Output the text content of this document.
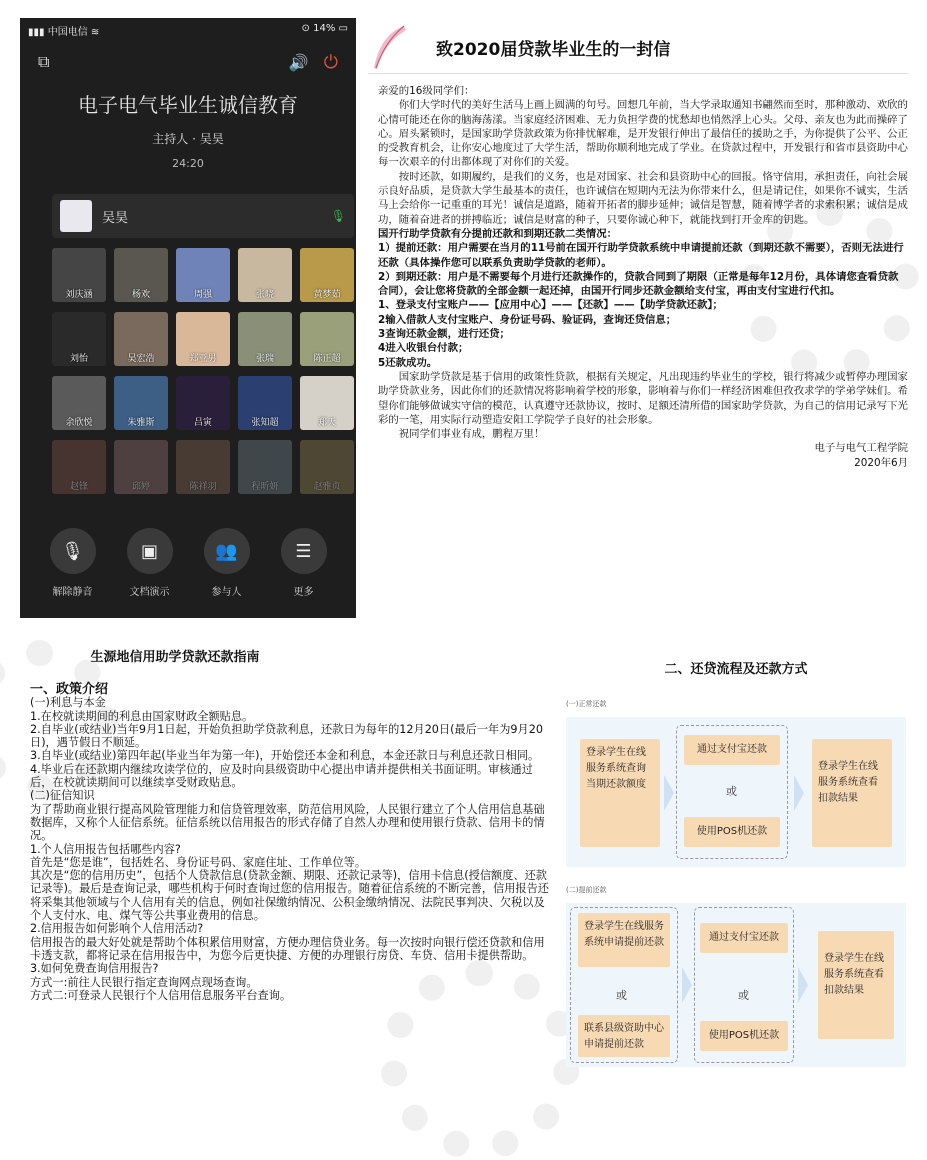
▮▮▮ 中国电信 ≋	⊙ 14% ▭
⧉	🔊 ⏻
电子电气毕业生诚信教育
主持人 · 吴昊
24:20
吴昊	🎙
刘庆涵	杨欢	周强	张晓	黄梦茹
刘怡	吴宏浩	郑亚男	张瑞	陈正超
余欣悦	朱雅斯	吕寅	张知超	郑天
赵锋	邱婷	陈祥羽	程昕妍	赵雅贞
🎙
解除静音
▣
文档演示
👥
参与人
☰
更多
致2020届贷款毕业生的一封信

亲爱的16级同学们：

你们大学时代的美好生活马上画上圆满的句号。回想几年前，当大学录取通知书翩然而至时，那种激动、欢欣的心情可能还在你的脑海荡漾。当家庭经济困难、无力负担学费的忧愁却也悄然浮上心头。父母、亲友也为此而操碎了心。眉头紧锁时，是国家助学贷款政策为你排忧解难，是开发银行伸出了最信任的援助之手，为你提供了公平、公正的受教育机会，让你安心地度过了大学生活，帮助你顺利地完成了学业。在贷款过程中，开发银行和省市县资助中心每一次艰辛的付出都体现了对你们的关爱。

按时还款，如期履约，是我们的义务，也是对国家、社会和县资助中心的回报。恪守信用，承担责任，向社会展示良好品质，是贷款大学生最基本的责任，也许诚信在短期内无法为你带来什么，但是请记住，如果你不诚实，生活马上会给你一记重重的耳光！诚信是道路，随着开拓者的脚步延伸；诚信是智慧，随着博学者的求索积累；诚信是成功，随着奋进者的拼搏临近；诚信是财富的种子，只要你诚心种下，就能找到打开金库的钥匙。

国开行助学贷款有分提前还款和到期还款二类情况：

1）提前还款：用户需要在当月的11号前在国开行助学贷款系统中申请提前还款（到期还款不需要），否则无法进行还款（具体操作您可以联系负责助学贷款的老师）。

2）到期还款：用户是不需要每个月进行还款操作的，贷款合同到了期限（正常是每年12月份，具体请您查看贷款合同），会让您将贷款的全部金额一起还掉，由国开行同步还款金额给支付宝，再由支付宝进行代扣。

1、登录支付宝账户——【应用中心】——【还款】——【助学贷款还款】；

2输入借款人支付宝账户、身份证号码、验证码，查询还贷信息；

3查询还款金额，进行还贷；

4进入收银台付款；

5还款成功。

国家助学贷款是基于信用的政策性贷款，根据有关规定，凡出现违约毕业生的学校，银行将减少或暂停办理国家助学贷款业务，因此你们的还款情况将影响着学校的形象，影响着与你们一样经济困难但孜孜求学的学弟学妹们。希望你们能够做诚实守信的模范，认真遵守还款协议，按时、足额还清所借的国家助学贷款，为自己的信用记录写下光彩的一笔，用实际行动塑造安阳工学院学子良好的社会形象。

祝同学们事业有成，鹏程万里！

电子与电气工程学院

2020年6月

生源地信用助学贷款还款指南
一、政策介绍
(一)利息与本金
1.在校就读期间的利息由国家财政全额贴息。
2.自毕业(或结业)当年9月1日起，开始负担助学贷款利息，还款日为每年的12月20日(最后一年为9月20日)，遇节假日不顺延。
3.自毕业(或结业)第四年起(毕业当年为第一年)，开始偿还本金和利息，本金还款日与利息还款日相同。
4.毕业后在还款期内继续攻读学位的，应及时向县级资助中心提出申请并提供相关书面证明。审核通过后，在校就读期间可以继续享受财政贴息。
(二)征信知识
为了帮助商业银行提高风险管理能力和信贷管理效率，防范信用风险，人民银行建立了个人信用信息基础数据库，又称个人征信系统。征信系统以信用报告的形式存储了自然人办理和使用银行贷款、信用卡的情况。
1.个人信用报告包括哪些内容?
首先是“您是谁”，包括姓名、身份证号码、家庭住址、工作单位等。
其次是“您的信用历史”，包括个人贷款信息(贷款金额、期限、还款记录等)，信用卡信息(授信额度、还款记录等)。最后是查询记录，哪些机构于何时查询过您的信用报告。随着征信系统的不断完善，信用报告还将采集其他领域与个人信用有关的信息，例如社保缴纳情况、公积金缴纳情况、法院民事判决、欠税以及个人支付水、电、煤气等公共事业费用的信息。
2.信用报告如何影响个人信用活动?
信用报告的最大好处就是帮助个体积累信用财富，方便办理信贷业务。每一次按时向银行偿还贷款和信用卡透支款，都将记录在信用报告中，为您今后更快捷、方便的办理银行房贷、车贷、信用卡提供帮助。
3.如何免费查询信用报告?
方式一:前往人民银行指定查询网点现场查询。
方式二:可登录人民银行个人信用信息服务平台查询。
二、还贷流程及还款方式
(一)正常还款
登录学生在线服务系统查询当期还款额度
通过支付宝还款
或
使用POS机还款
登录学生在线服务系统查看扣款结果
(二)提前还款
登录学生在线服务系统申请提前还款
或
联系县级资助中心申请提前还款
通过支付宝还款
或
使用POS机还款
登录学生在线服务系统查看扣款结果
